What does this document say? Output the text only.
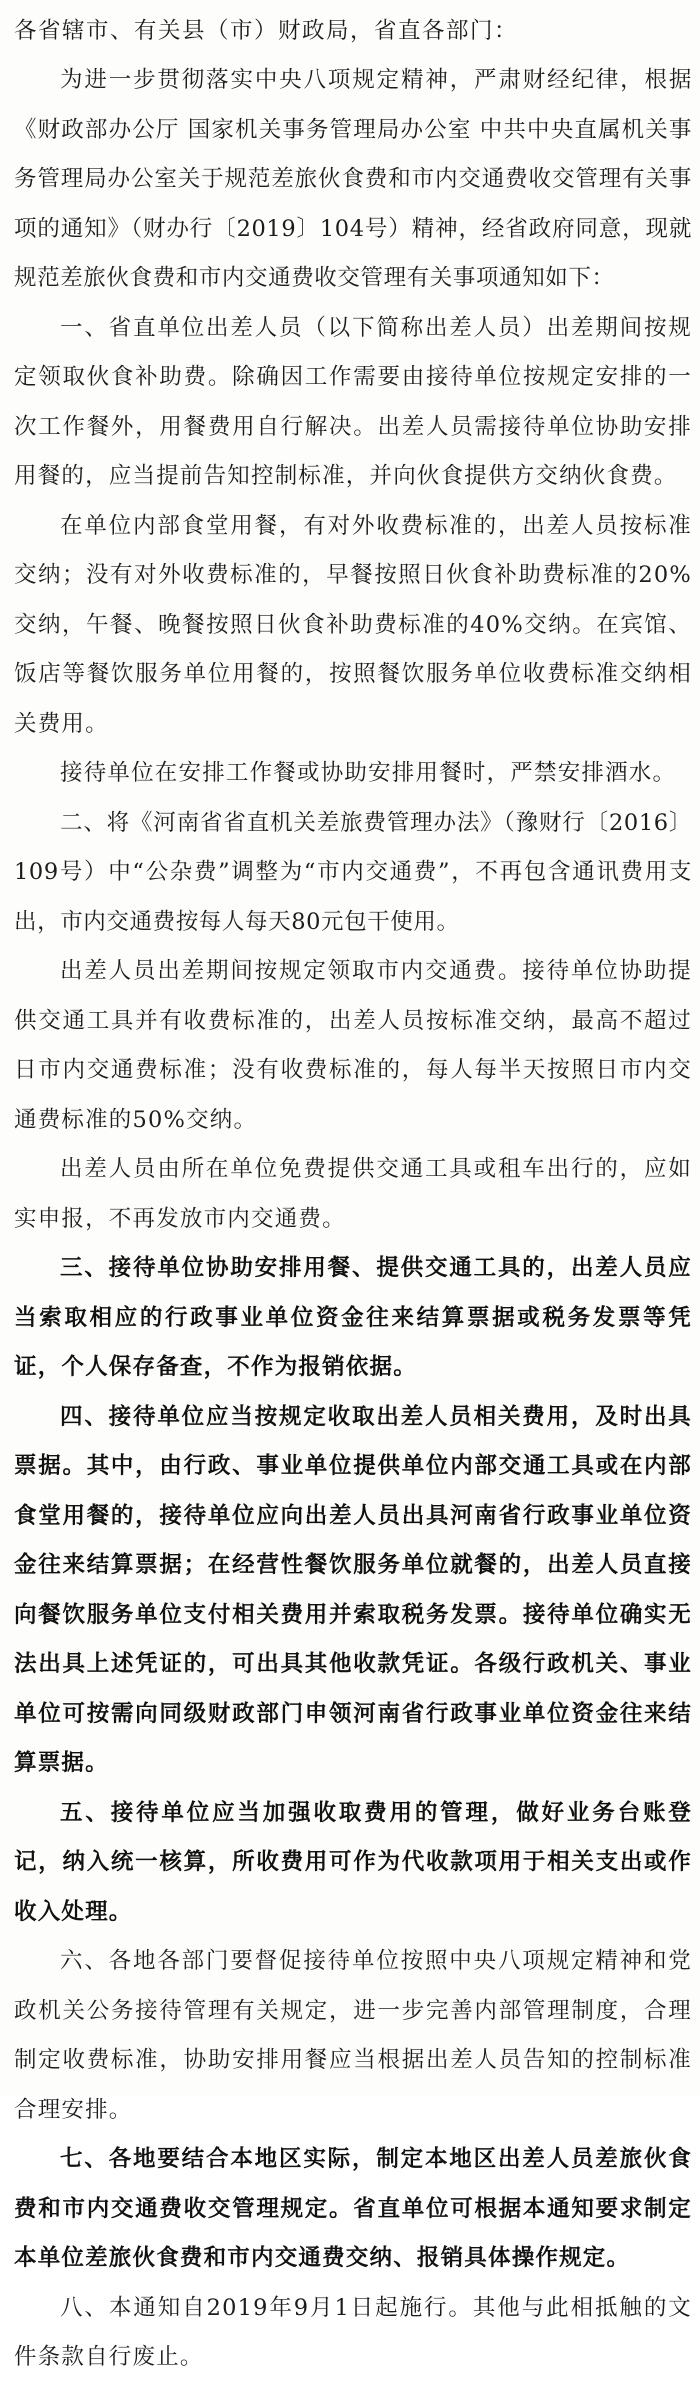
各省辖市、有关县（市）财政局，省直各部门：

为进一步贯彻落实中央八项规定精神，严肃财经纪律，根据《财政部办公厅 国家机关事务管理局办公室 中共中央直属机关事务管理局办公室关于规范差旅伙食费和市内交通费收交管理有关事项的通知》（财办行〔2019〕104号）精神，经省政府同意，现就规范差旅伙食费和市内交通费收交管理有关事项通知如下：

一、省直单位出差人员（以下简称出差人员）出差期间按规定领取伙食补助费。除确因工作需要由接待单位按规定安排的一次工作餐外，用餐费用自行解决。出差人员需接待单位协助安排用餐的，应当提前告知控制标准，并向伙食提供方交纳伙食费。

在单位内部食堂用餐，有对外收费标准的，出差人员按标准交纳；没有对外收费标准的，早餐按照日伙食补助费标准的20%交纳，午餐、晚餐按照日伙食补助费标准的40%交纳。在宾馆、饭店等餐饮服务单位用餐的，按照餐饮服务单位收费标准交纳相关费用。

接待单位在安排工作餐或协助安排用餐时，严禁安排酒水。

二、将《河南省省直机关差旅费管理办法》（豫财行〔2016〕109号）中“公杂费”调整为“市内交通费”，不再包含通讯费用支出，市内交通费按每人每天80元包干使用。

出差人员出差期间按规定领取市内交通费。接待单位协助提供交通工具并有收费标准的，出差人员按标准交纳，最高不超过日市内交通费标准；没有收费标准的，每人每半天按照日市内交通费标准的50%交纳。

出差人员由所在单位免费提供交通工具或租车出行的，应如实申报，不再发放市内交通费。

三、接待单位协助安排用餐、提供交通工具的，出差人员应当索取相应的行政事业单位资金往来结算票据或税务发票等凭证，个人保存备查，不作为报销依据。

四、接待单位应当按规定收取出差人员相关费用，及时出具票据。其中，由行政、事业单位提供单位内部交通工具或在内部食堂用餐的，接待单位应向出差人员出具河南省行政事业单位资金往来结算票据；在经营性餐饮服务单位就餐的，出差人员直接向餐饮服务单位支付相关费用并索取税务发票。接待单位确实无法出具上述凭证的，可出具其他收款凭证。各级行政机关、事业单位可按需向同级财政部门申领河南省行政事业单位资金往来结算票据。

五、接待单位应当加强收取费用的管理，做好业务台账登记，纳入统一核算，所收费用可作为代收款项用于相关支出或作收入处理。

六、各地各部门要督促接待单位按照中央八项规定精神和党政机关公务接待管理有关规定，进一步完善内部管理制度，合理制定收费标准，协助安排用餐应当根据出差人员告知的控制标准合理安排。

七、各地要结合本地区实际，制定本地区出差人员差旅伙食费和市内交通费收交管理规定。省直单位可根据本通知要求制定本单位差旅伙食费和市内交通费交纳、报销具体操作规定。

八、本通知自2019年9月1日起施行。其他与此相抵触的文件条款自行废止。
